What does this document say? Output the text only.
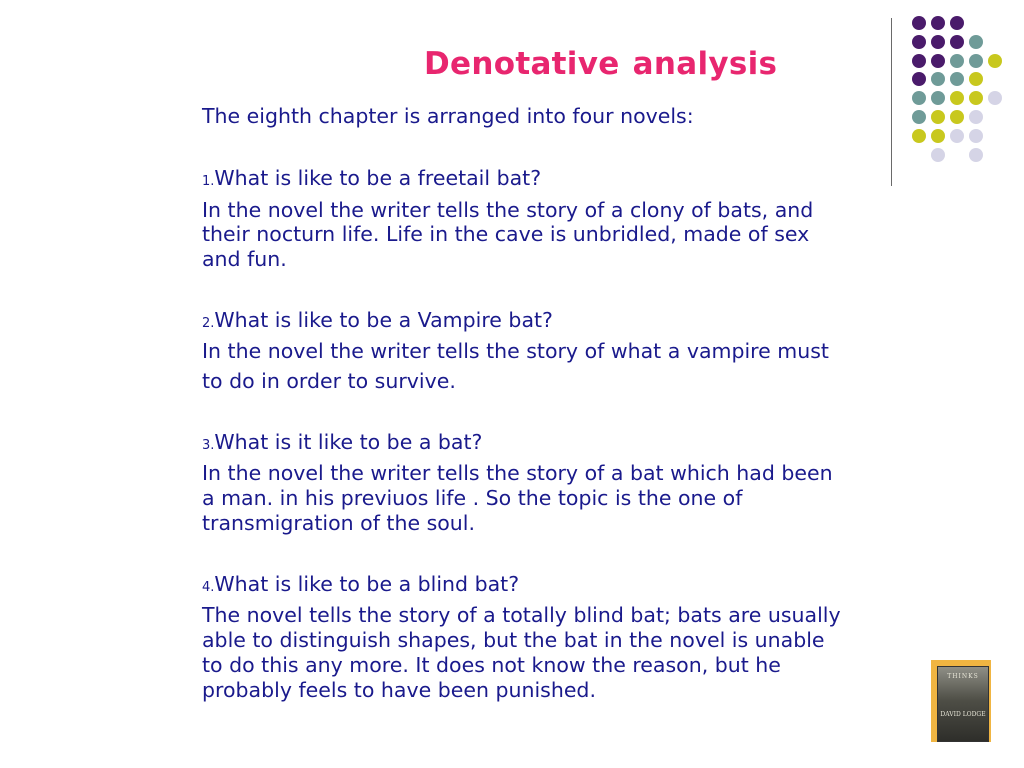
Denotative analysis
The eighth chapter is arranged into four novels:
1.What is like to be a freetail bat?
In the novel the writer tells the story of a clony of bats, and
their nocturn life. Life in the cave is unbridled, made of sex
and fun.
2.What is like to be a Vampire bat?
In the novel the writer tells the story of what a vampire must
to do in order to survive.
3.What is it like to be a bat?
In the novel the writer tells the story of a bat which had been
a man. in his previuos life . So the topic is the one of
transmigration of the soul.
4.What is like to be a blind bat?
The novel tells the story of a totally blind bat; bats are usually
able to distinguish shapes, but the bat in the novel is unable
to do this any more. It does not know the reason, but he
probably feels to have been punished.
THINKS
DAVID LODGE
